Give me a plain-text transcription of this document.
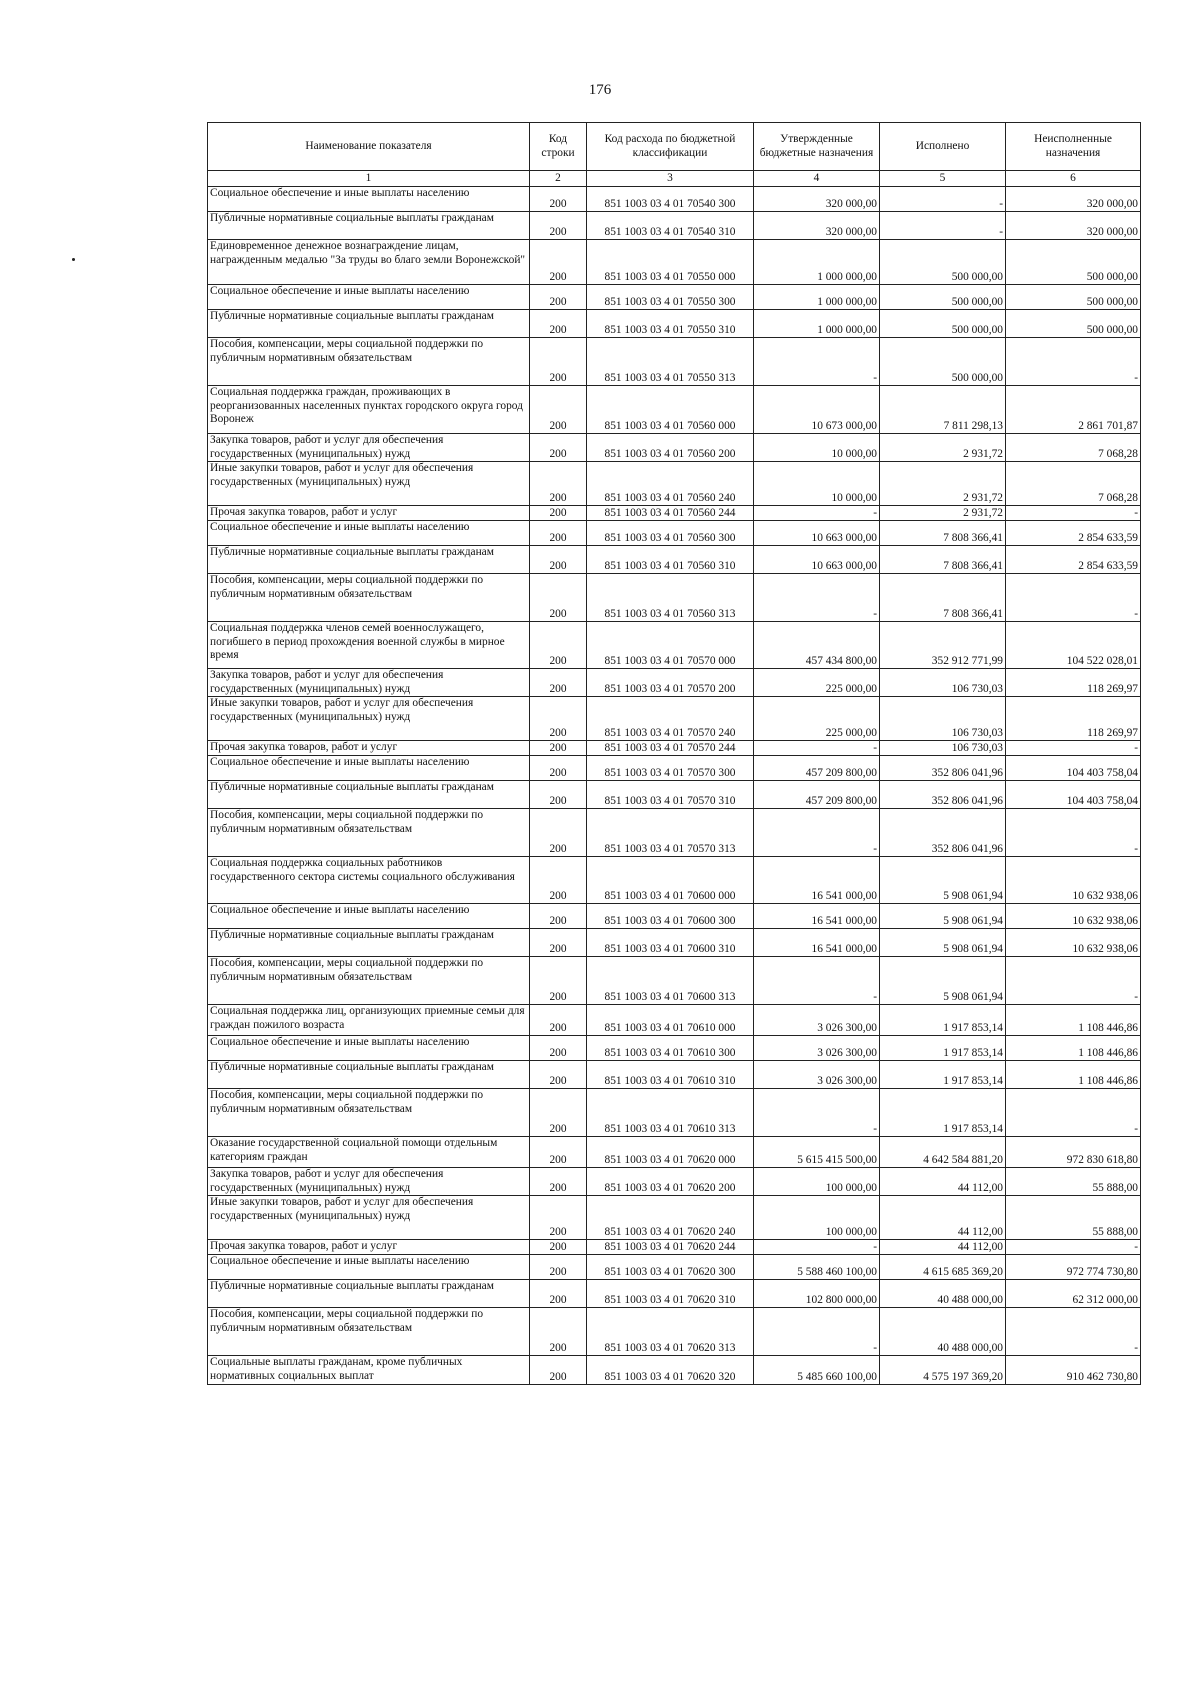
176
Наименование показателя	Код строки	Код расхода по бюджетной классификации	Утвержденные бюджетные назначения	Исполнено	Неисполненные назначения
1	2	3	4	5	6
Социальное обеспечение и иные выплаты населению	200	851 1003 03 4 01 70540 300	320 000,00	-	320 000,00
Публичные нормативные социальные выплаты гражданам	200	851 1003 03 4 01 70540 310	320 000,00	-	320 000,00
Единовременное денежное вознаграждение лицам, награжденным медалью "За труды во благо земли Воронежской"	200	851 1003 03 4 01 70550 000	1 000 000,00	500 000,00	500 000,00
Социальное обеспечение и иные выплаты населению	200	851 1003 03 4 01 70550 300	1 000 000,00	500 000,00	500 000,00
Публичные нормативные социальные выплаты гражданам	200	851 1003 03 4 01 70550 310	1 000 000,00	500 000,00	500 000,00
Пособия, компенсации, меры социальной поддержки по публичным нормативным обязательствам	200	851 1003 03 4 01 70550 313	-	500 000,00	-
Социальная поддержка граждан, проживающих в реорганизованных населенных пунктах городского округа город Воронеж	200	851 1003 03 4 01 70560 000	10 673 000,00	7 811 298,13	2 861 701,87
Закупка товаров, работ и услуг для обеспечения государственных (муниципальных) нужд	200	851 1003 03 4 01 70560 200	10 000,00	2 931,72	7 068,28
Иные закупки товаров, работ и услуг для обеспечения государственных (муниципальных) нужд	200	851 1003 03 4 01 70560 240	10 000,00	2 931,72	7 068,28
Прочая закупка товаров, работ и услуг	200	851 1003 03 4 01 70560 244	-	2 931,72	-
Социальное обеспечение и иные выплаты населению	200	851 1003 03 4 01 70560 300	10 663 000,00	7 808 366,41	2 854 633,59
Публичные нормативные социальные выплаты гражданам	200	851 1003 03 4 01 70560 310	10 663 000,00	7 808 366,41	2 854 633,59
Пособия, компенсации, меры социальной поддержки по публичным нормативным обязательствам	200	851 1003 03 4 01 70560 313	-	7 808 366,41	-
Социальная поддержка членов семей военнослужащего, погибшего в период прохождения военной службы в мирное время	200	851 1003 03 4 01 70570 000	457 434 800,00	352 912 771,99	104 522 028,01
Закупка товаров, работ и услуг для обеспечения государственных (муниципальных) нужд	200	851 1003 03 4 01 70570 200	225 000,00	106 730,03	118 269,97
Иные закупки товаров, работ и услуг для обеспечения государственных (муниципальных) нужд	200	851 1003 03 4 01 70570 240	225 000,00	106 730,03	118 269,97
Прочая закупка товаров, работ и услуг	200	851 1003 03 4 01 70570 244	-	106 730,03	-
Социальное обеспечение и иные выплаты населению	200	851 1003 03 4 01 70570 300	457 209 800,00	352 806 041,96	104 403 758,04
Публичные нормативные социальные выплаты гражданам	200	851 1003 03 4 01 70570 310	457 209 800,00	352 806 041,96	104 403 758,04
Пособия, компенсации, меры социальной поддержки по публичным нормативным обязательствам	200	851 1003 03 4 01 70570 313	-	352 806 041,96	-
Социальная поддержка социальных работников государственного сектора системы социального обслуживания	200	851 1003 03 4 01 70600 000	16 541 000,00	5 908 061,94	10 632 938,06
Социальное обеспечение и иные выплаты населению	200	851 1003 03 4 01 70600 300	16 541 000,00	5 908 061,94	10 632 938,06
Публичные нормативные социальные выплаты гражданам	200	851 1003 03 4 01 70600 310	16 541 000,00	5 908 061,94	10 632 938,06
Пособия, компенсации, меры социальной поддержки по публичным нормативным обязательствам	200	851 1003 03 4 01 70600 313	-	5 908 061,94	-
Социальная поддержка лиц, организующих приемные семьи для граждан пожилого возраста	200	851 1003 03 4 01 70610 000	3 026 300,00	1 917 853,14	1 108 446,86
Социальное обеспечение и иные выплаты населению	200	851 1003 03 4 01 70610 300	3 026 300,00	1 917 853,14	1 108 446,86
Публичные нормативные социальные выплаты гражданам	200	851 1003 03 4 01 70610 310	3 026 300,00	1 917 853,14	1 108 446,86
Пособия, компенсации, меры социальной поддержки по публичным нормативным обязательствам	200	851 1003 03 4 01 70610 313	-	1 917 853,14	-
Оказание государственной социальной помощи отдельным категориям граждан	200	851 1003 03 4 01 70620 000	5 615 415 500,00	4 642 584 881,20	972 830 618,80
Закупка товаров, работ и услуг для обеспечения государственных (муниципальных) нужд	200	851 1003 03 4 01 70620 200	100 000,00	44 112,00	55 888,00
Иные закупки товаров, работ и услуг для обеспечения государственных (муниципальных) нужд	200	851 1003 03 4 01 70620 240	100 000,00	44 112,00	55 888,00
Прочая закупка товаров, работ и услуг	200	851 1003 03 4 01 70620 244	-	44 112,00	-
Социальное обеспечение и иные выплаты населению	200	851 1003 03 4 01 70620 300	5 588 460 100,00	4 615 685 369,20	972 774 730,80
Публичные нормативные социальные выплаты гражданам	200	851 1003 03 4 01 70620 310	102 800 000,00	40 488 000,00	62 312 000,00
Пособия, компенсации, меры социальной поддержки по публичным нормативным обязательствам	200	851 1003 03 4 01 70620 313	-	40 488 000,00	-
Социальные выплаты гражданам, кроме публичных нормативных социальных выплат	200	851 1003 03 4 01 70620 320	5 485 660 100,00	4 575 197 369,20	910 462 730,80
